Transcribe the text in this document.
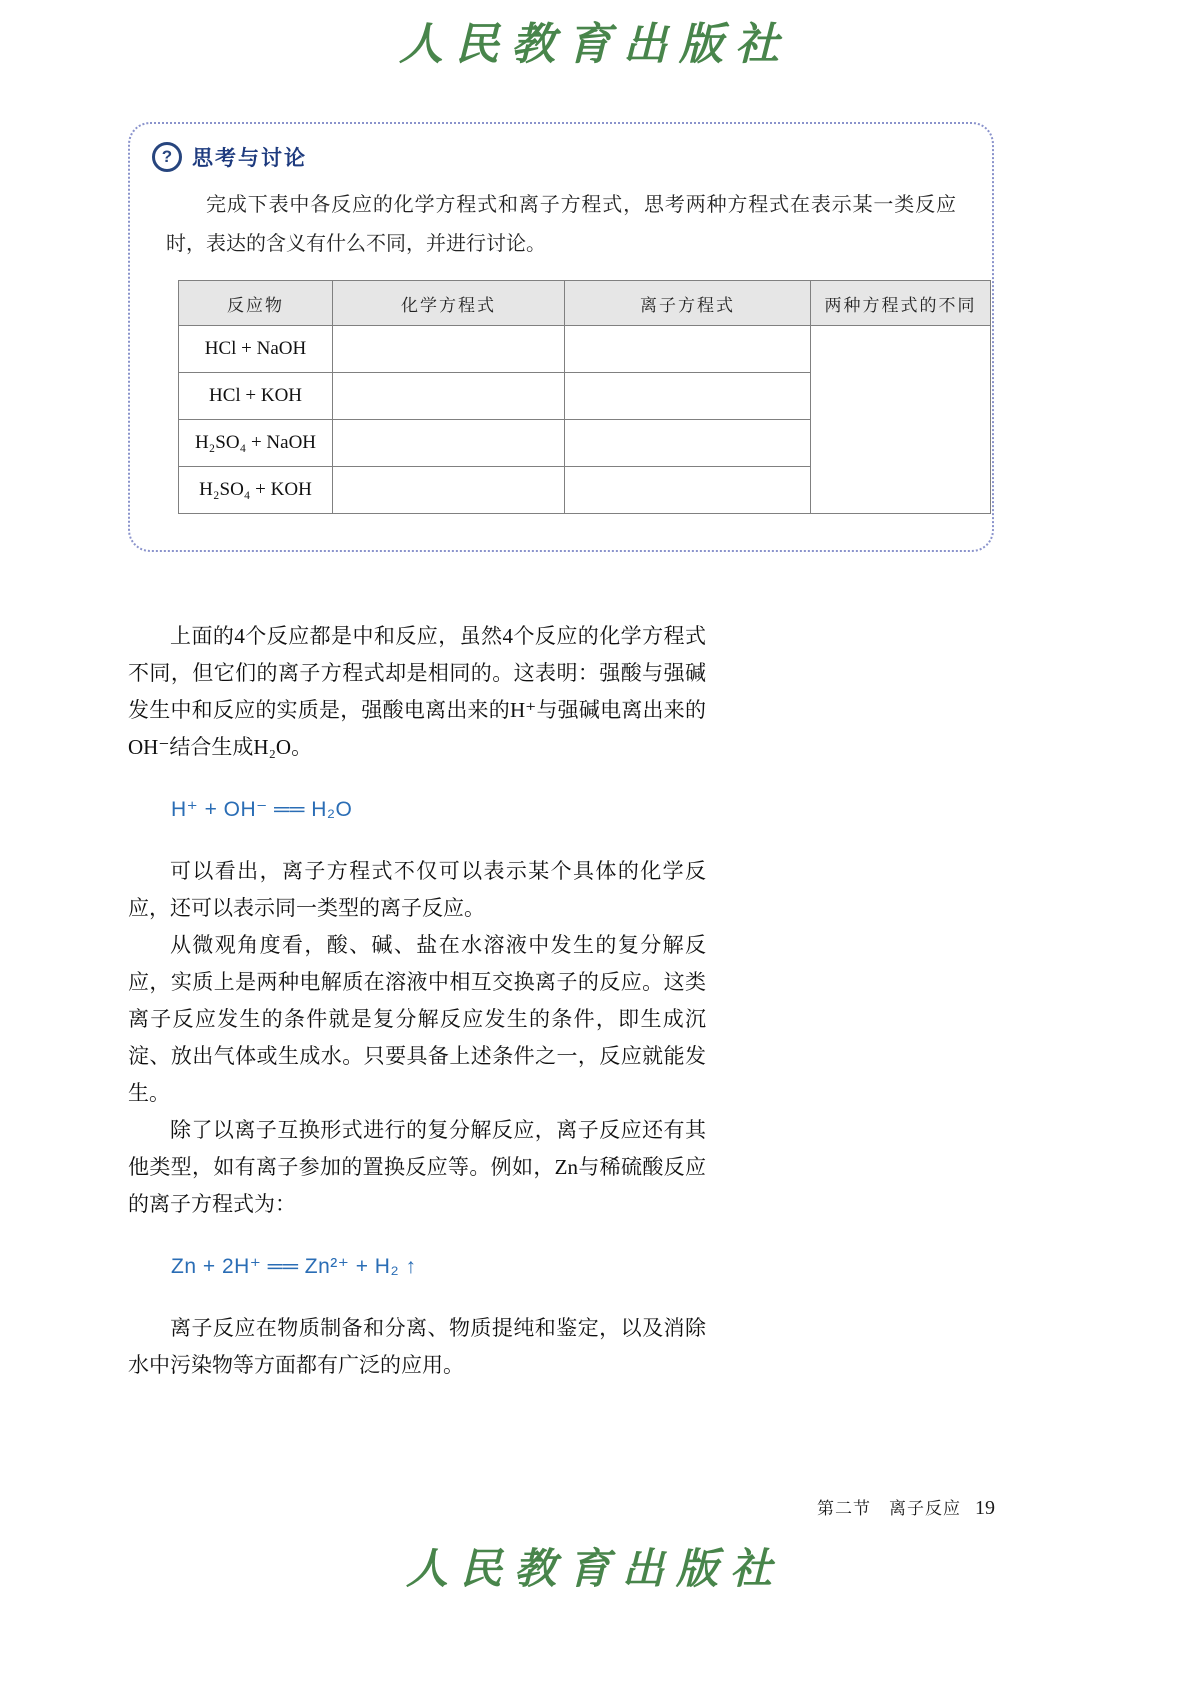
人民教育出版社
? 思考与讨论

完成下表中各反应的化学方程式和离子方程式，思考两种方程式在表示某一类反应时，表达的含义有什么不同，并进行讨论。

反应物	化学方程式	离子方程式	两种方程式的不同
HCl + NaOH			
HCl + KOH			
H₂SO₄ + NaOH			
H₂SO₄ + KOH			

上面的4个反应都是中和反应，虽然4个反应的化学方程式不同，但它们的离子方程式却是相同的。这表明：强酸与强碱发生中和反应的实质是，强酸电离出来的H⁺与强碱电离出来的OH⁻结合生成H₂O。

H⁺ + OH⁻ ══ H₂O

可以看出，离子方程式不仅可以表示某个具体的化学反应，还可以表示同一类型的离子反应。

从微观角度看，酸、碱、盐在水溶液中发生的复分解反应，实质上是两种电解质在溶液中相互交换离子的反应。这类离子反应发生的条件就是复分解反应发生的条件，即生成沉淀、放出气体或生成水。只要具备上述条件之一，反应就能发生。

除了以离子互换形式进行的复分解反应，离子反应还有其他类型，如有离子参加的置换反应等。例如，Zn与稀硫酸反应的离子方程式为：

Zn + 2H⁺ ══ Zn²⁺ + H₂ ↑

离子反应在物质制备和分离、物质提纯和鉴定，以及消除水中污染物等方面都有广泛的应用。

第二节　离子反应 19
人民教育出版社
